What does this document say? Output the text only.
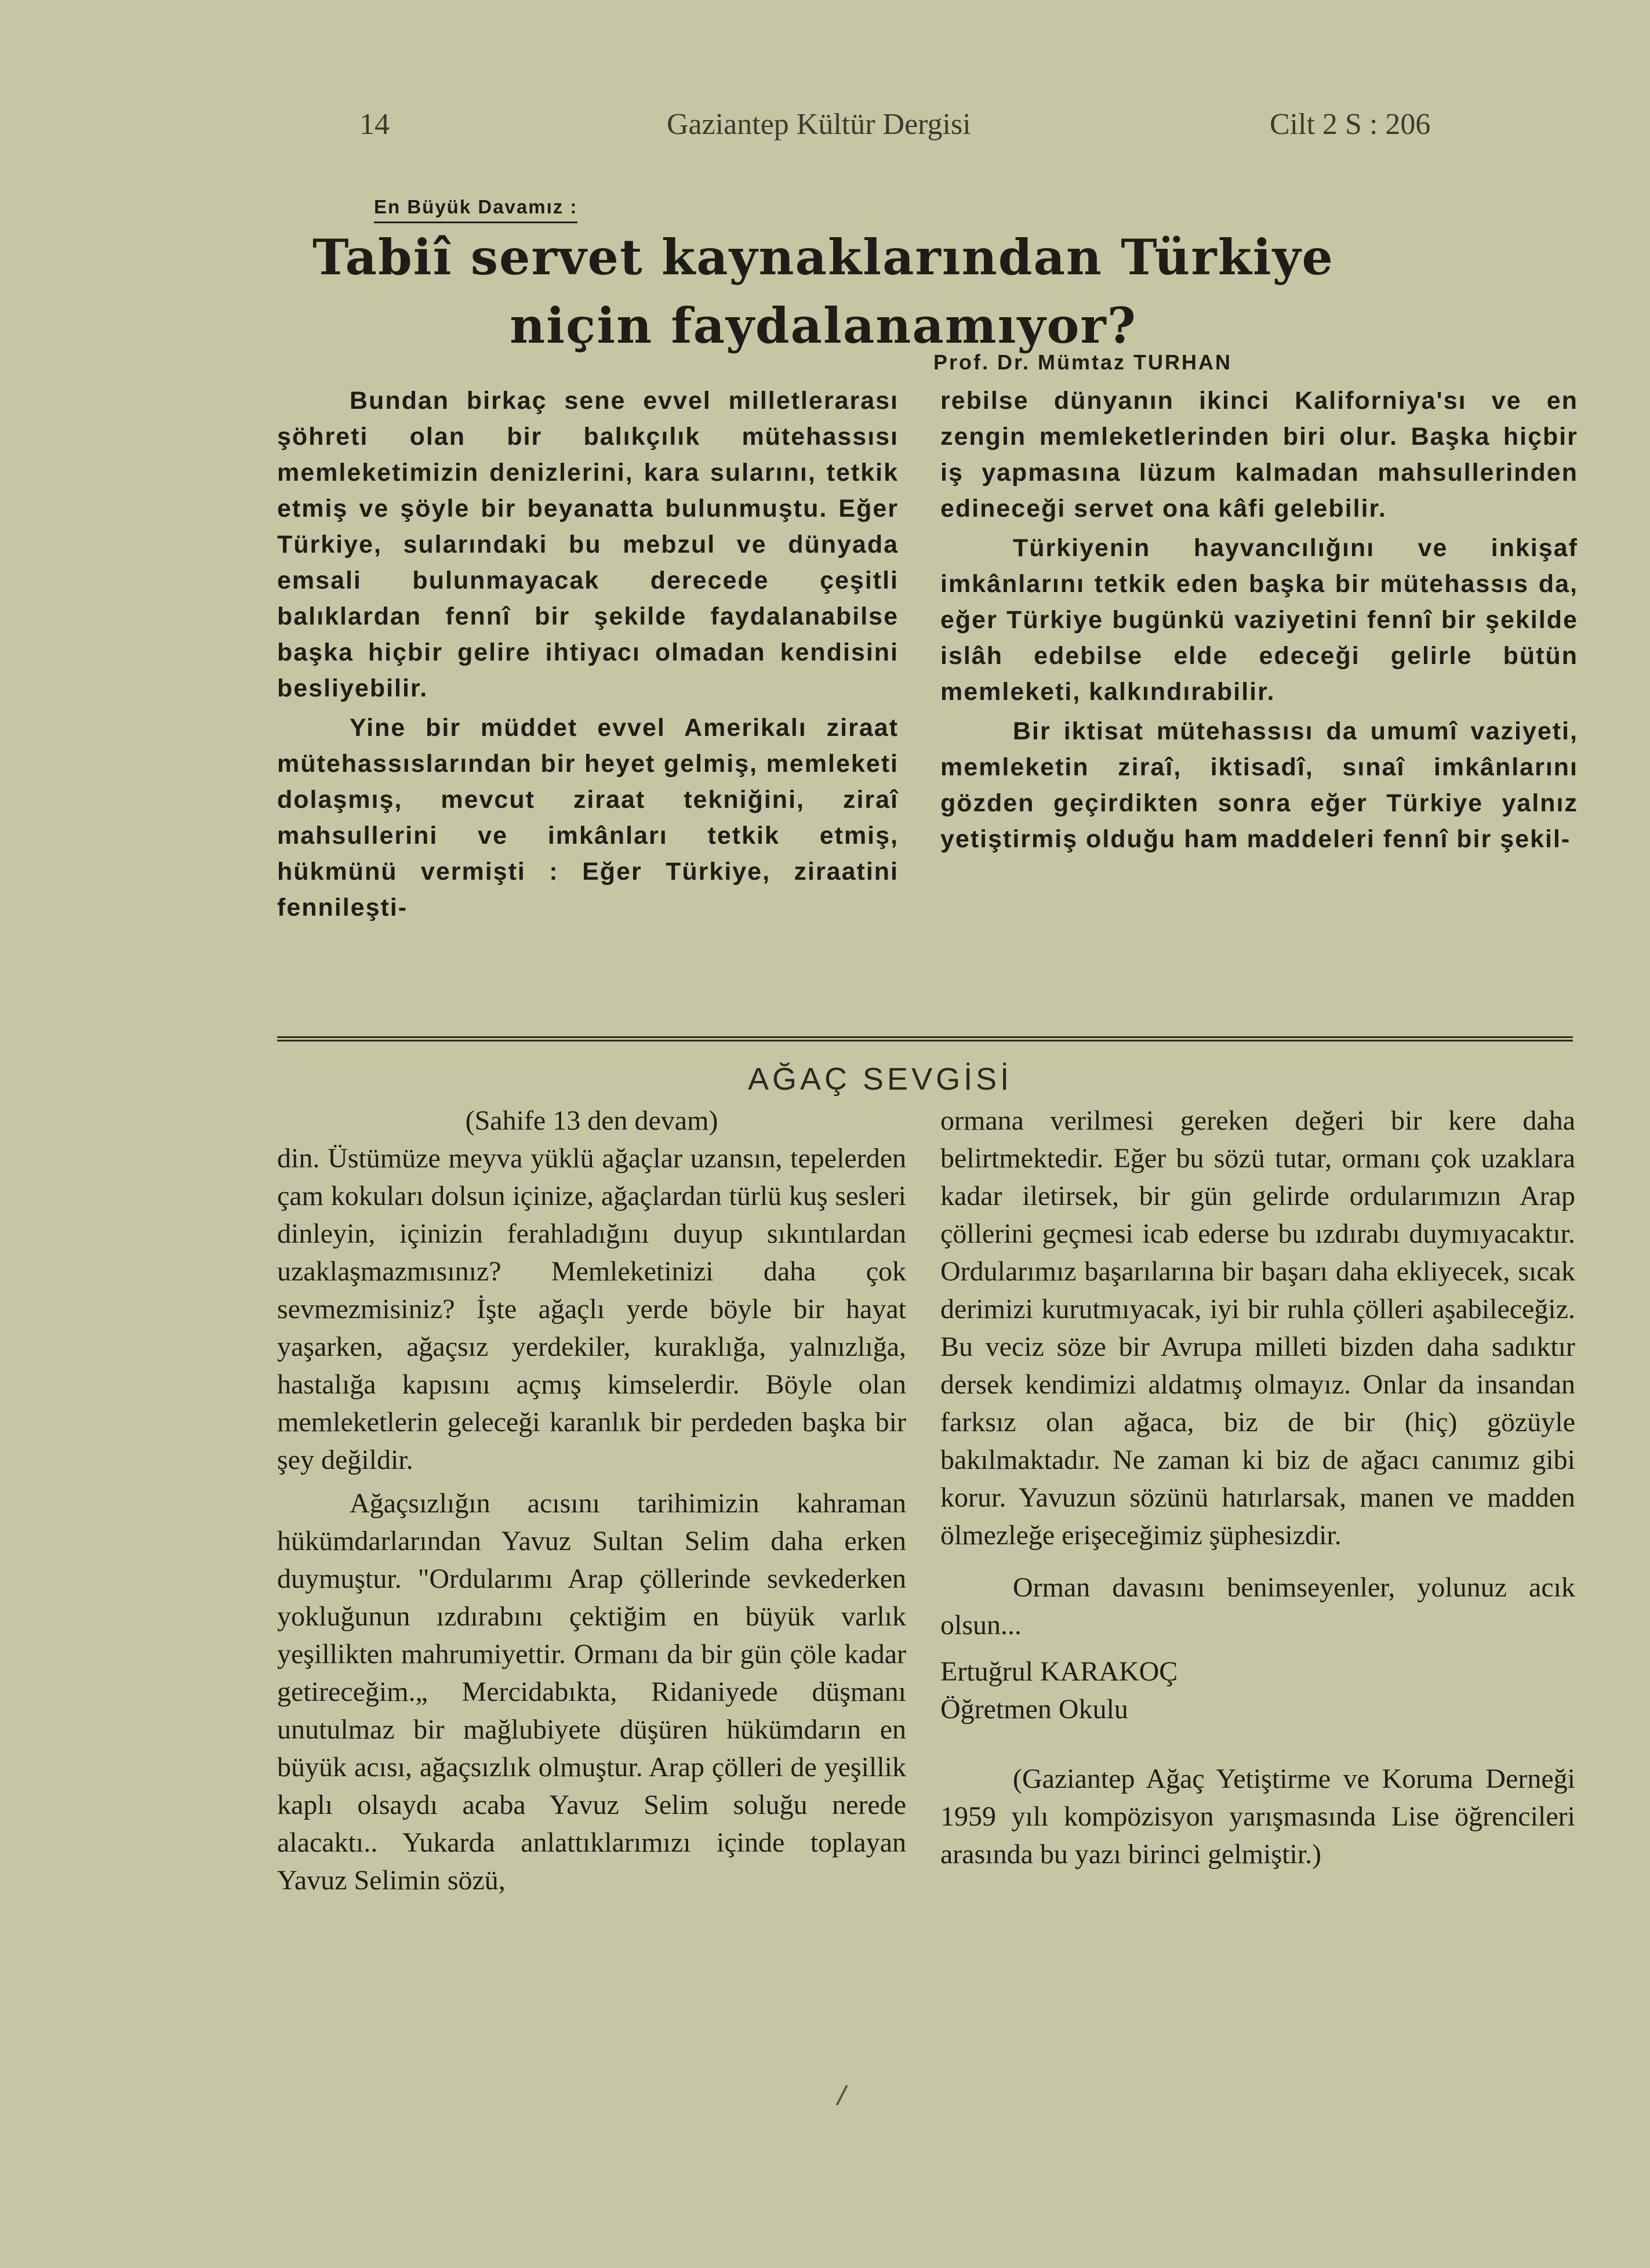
14	Gaziantep Kültür Dergisi	Cilt 2 S : 206
En Büyük Davamız :
Tabiî servet kaynaklarından Türkiye
niçin faydalanamıyor?
Prof. Dr. Mümtaz TURHAN

Bundan birkaç sene evvel milletlerarası şöhreti olan bir balıkçılık mütehassısı memleketimizin denizlerini, kara sularını, tetkik etmiş ve şöyle bir beyanatta bulunmuştu. Eğer Türkiye, sularındaki bu mebzul ve dünyada emsali bulunmayacak derecede çeşitli balıklardan fennî bir şekilde faydalanabilse başka hiçbir gelire ihtiyacı olmadan kendisini besliyebilir.

Yine bir müddet evvel Amerikalı ziraat mütehassıslarından bir heyet gelmiş, memleketi dolaşmış, mevcut ziraat tekniğini, ziraî mahsullerini ve imkânları tetkik etmiş, hükmünü vermişti : Eğer Türkiye, ziraatini fennileşti-

rebilse dünyanın ikinci Kaliforniya'sı ve en zengin memleketlerinden biri olur. Başka hiçbir iş yapmasına lüzum kalmadan mahsullerinden edineceği servet ona kâfi gelebilir.

Türkiyenin hayvancılığını ve inkişaf imkânlarını tetkik eden başka bir mütehassıs da, eğer Türkiye bugünkü vaziyetini fennî bir şekilde islâh edebilse elde edeceği gelirle bütün memleketi, kalkındırabilir.

Bir iktisat mütehassısı da umumî vaziyeti, memleketin ziraî, iktisadî, sınaî imkânlarını gözden geçirdikten sonra eğer Türkiye yalnız yetiştirmiş olduğu ham maddeleri fennî bir şekil-

AĞAÇ SEVGİSİ

(Sahife 13 den devam)

din. Üstümüze meyva yüklü ağaçlar uzansın, tepelerden çam kokuları dolsun içinize, ağaçlardan türlü kuş sesleri dinleyin, içinizin ferahladığını duyup sıkıntılardan uzaklaşmazmısınız? Memleketinizi daha çok sevmezmisiniz? İşte ağaçlı yerde böyle bir hayat yaşarken, ağaçsız yerdekiler, kuraklığa, yalnızlığa, hastalığa kapısını açmış kimselerdir. Böyle olan memleketlerin geleceği karanlık bir perdeden başka bir şey değildir.

Ağaçsızlığın acısını tarihimizin kahraman hükümdarlarından Yavuz Sultan Selim daha erken duymuştur. "Ordularımı Arap çöllerinde sevkederken yokluğunun ızdırabını çektiğim en büyük varlık yeşillikten mahrumiyettir. Ormanı da bir gün çöle kadar getireceğim.„ Mercidabıkta, Ridaniyede düşmanı unutulmaz bir mağlubiyete düşüren hükümdarın en büyük acısı, ağaçsızlık olmuştur. Arap çölleri de yeşillik kaplı olsaydı acaba Yavuz Selim soluğu nerede alacaktı.. Yukarda anlattıklarımızı içinde toplayan Yavuz Selimin sözü,

ormana verilmesi gereken değeri bir kere daha belirtmektedir. Eğer bu sözü tutar, ormanı çok uzaklara kadar iletirsek, bir gün gelirde ordularımızın Arap çöllerini geçmesi icab ederse bu ızdırabı duymıyacaktır. Ordularımız başarılarına bir başarı daha ekliyecek, sıcak derimizi kurutmıyacak, iyi bir ruhla çölleri aşabileceğiz. Bu veciz söze bir Avrupa milleti bizden daha sadıktır dersek kendimizi aldatmış olmayız. Onlar da insandan farksız olan ağaca, biz de bir (hiç) gözüyle bakılmaktadır. Ne zaman ki biz de ağacı canımız gibi korur. Yavuzun sözünü hatırlarsak, manen ve madden ölmezleğe erişeceğimiz şüphesizdir.

Orman davasını benimseyenler, yolunuz acık olsun...

Ertuğrul KARAKOÇ

Öğretmen Okulu

(Gaziantep Ağaç Yetiştirme ve Koruma Derneği 1959 yılı kompözisyon yarışmasında Lise öğrencileri arasında bu yazı birinci gelmiştir.)

/
